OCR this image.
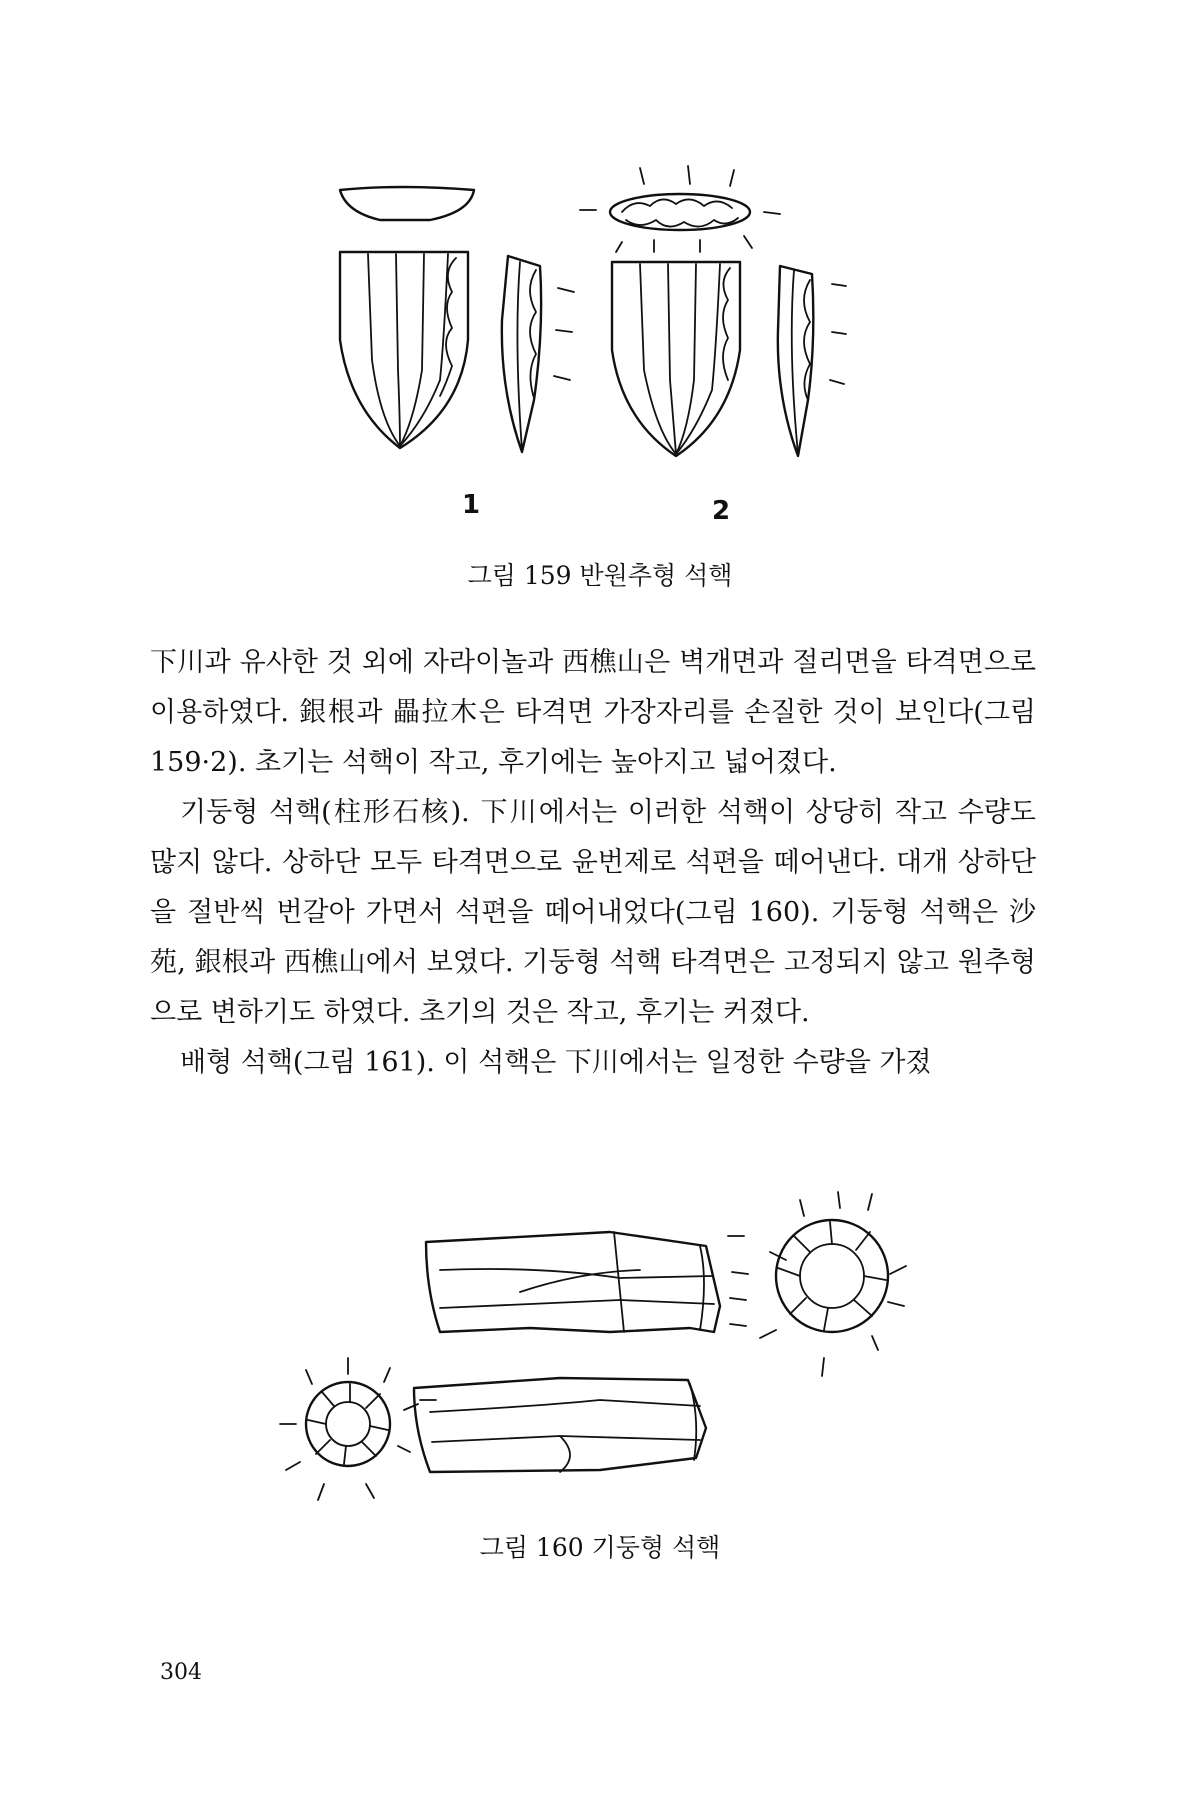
1	2
그림 159 반원추형 석핵

下川과 유사한 것 외에 자라이놀과 西樵山은 벽개면과 절리면을 타격면으로 이용하였다. 銀根과 畾拉木은 타격면 가장자리를 손질한 것이 보인다(그림 159·2). 초기는 석핵이 작고, 후기에는 높아지고 넓어졌다.

기둥형 석핵(柱形石核). 下川에서는 이러한 석핵이 상당히 작고 수량도 많지 않다. 상하단 모두 타격면으로 윤번제로 석편을 떼어낸다. 대개 상하단을 절반씩 번갈아 가면서 석편을 떼어내었다(그림 160). 기둥형 석핵은 沙苑, 銀根과 西樵山에서 보였다. 기둥형 석핵 타격면은 고정되지 않고 원추형으로 변하기도 하였다. 초기의 것은 작고, 후기는 커졌다.

배형 석핵(그림 161). 이 석핵은 下川에서는 일정한 수량을 가졌

그림 160 기둥형 석핵
304
